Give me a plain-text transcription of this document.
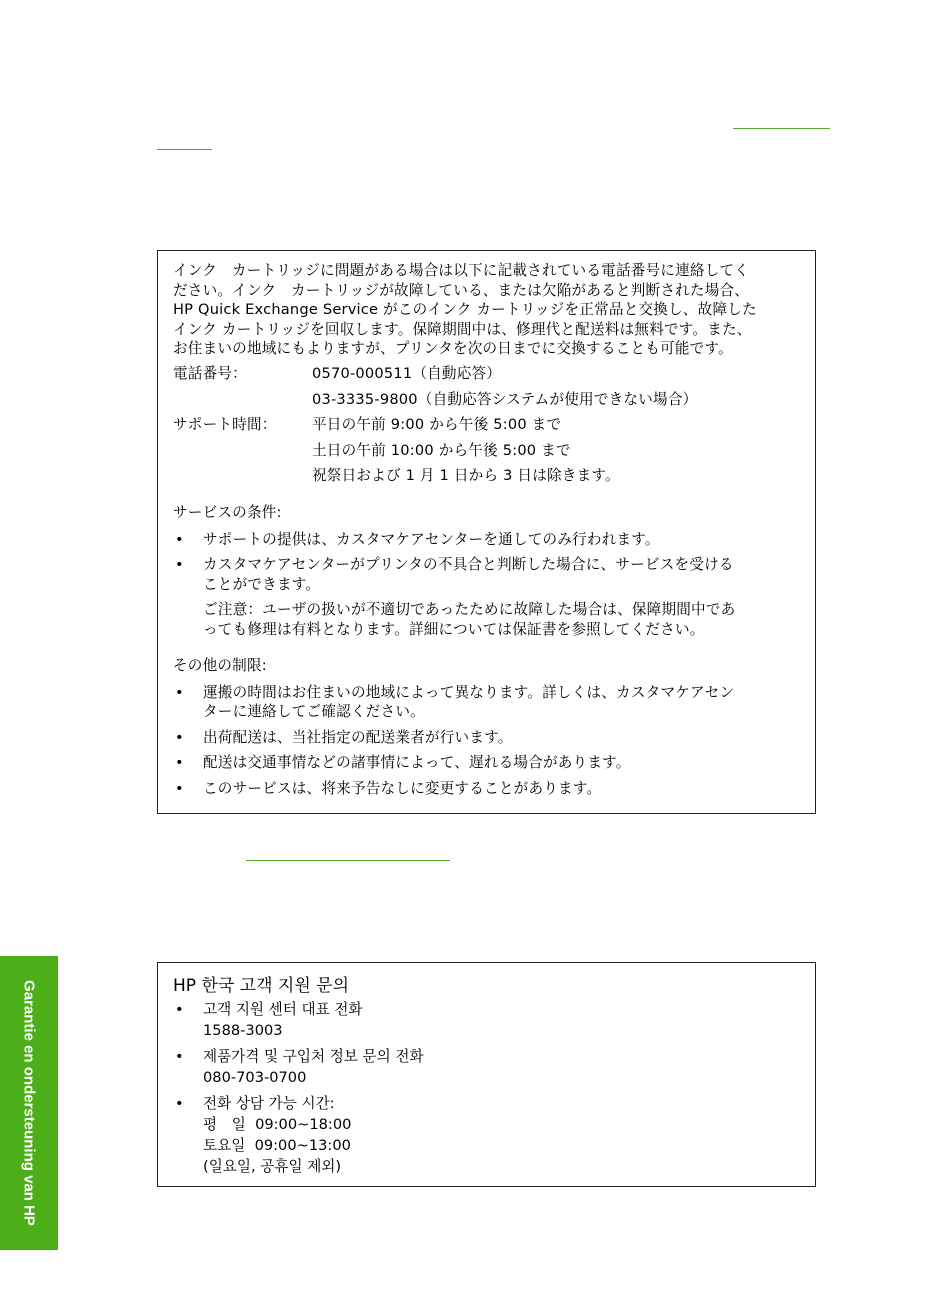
インク　カートリッジに問題がある場合は以下に記載されている電話番号に連絡してく
ださい。インク　カートリッジが故障している、または欠陥があると判断された場合、
HP Quick Exchange Service がこのインク カートリッジを正常品と交換し、故障した
インク カートリッジを回収します。保障期間中は、修理代と配送料は無料です。また、
お住まいの地域にもよりますが、プリンタを次の日までに交換することも可能です。
電話番号：	0570-000511（自動応答）
03-3335-9800（自動応答システムが使用できない場合）
サポート時間：	平日の午前 9:00 から午後 5:00 まで
土日の午前 10:00 から午後 5:00 まで
祝祭日および 1 月 1 日から 3 日は除きます。
サービスの条件:
• サポートの提供は、カスタマケアセンターを通してのみ行われます。
• カスタマケアセンターがプリンタの不具合と判断した場合に、サービスを受ける
ことができます。
ご注意：ユーザの扱いが不適切であったために故障した場合は、保障期間中であ
っても修理は有料となります。詳細については保証書を参照してください。
その他の制限:
• 運搬の時間はお住まいの地域によって異なります。詳しくは、カスタマケアセン
ターに連絡してご確認ください。
• 出荷配送は、当社指定の配送業者が行います。
• 配送は交通事情などの諸事情によって、遅れる場合があります。
• このサービスは、将来予告なしに変更することがあります。
HP 한국 고객 지원 문의
• 고객 지원 센터 대표 전화
1588-3003
• 제품가격 및 구입처 정보 문의 전화
080-703-0700
• 전화 상담 가능 시간:
평　일  09:00~18:00
토요일  09:00~13:00
(일요일, 공휴일 제외)
Garantie en ondersteuning van HP
